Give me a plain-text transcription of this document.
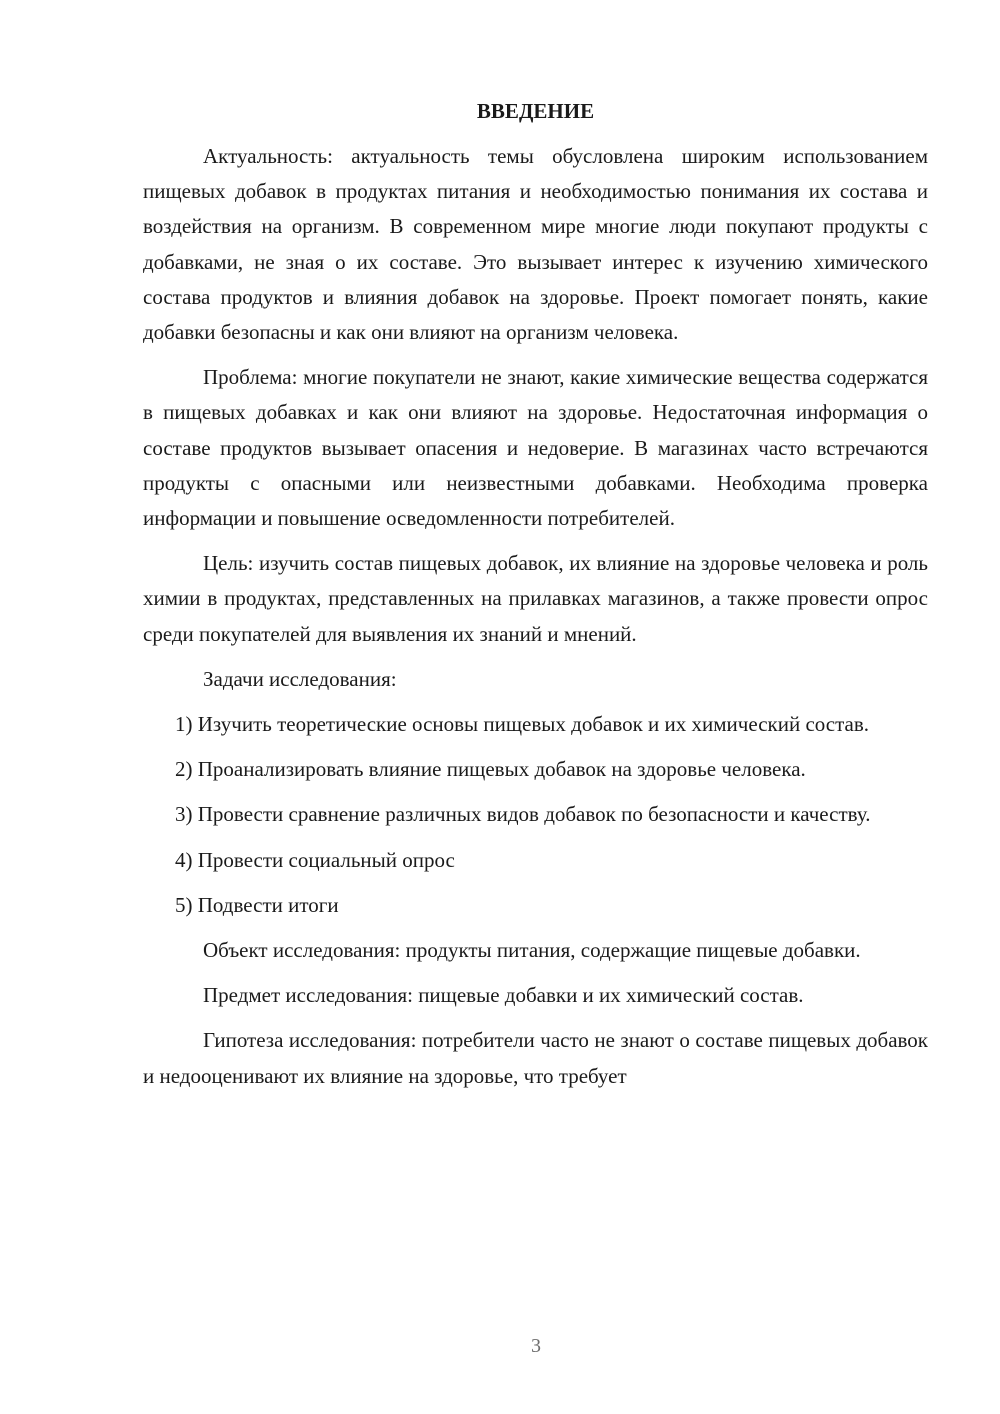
ВВЕДЕНИЕ

Актуальность: актуальность темы обусловлена широким использованием пищевых добавок в продуктах питания и необходимостью понимания их состава и воздействия на организм. В современном мире многие люди покупают продукты с добавками, не зная о их составе. Это вызывает интерес к изучению химического состава продуктов и влияния добавок на здоровье. Проект помогает понять, какие добавки безопасны и как они влияют на организм человека.

Проблема: многие покупатели не знают, какие химические вещества содержатся в пищевых добавках и как они влияют на здоровье. Недостаточная информация о составе продуктов вызывает опасения и недоверие. В магазинах часто встречаются продукты с опасными или неизвестными добавками. Необходима проверка информации и повышение осведомленности потребителей.

Цель: изучить состав пищевых добавок, их влияние на здоровье человека и роль химии в продуктах, представленных на прилавках магазинов, а также провести опрос среди покупателей для выявления их знаний и мнений.

Задачи исследования:

1) Изучить теоретические основы пищевых добавок и их химический состав.

2) Проанализировать влияние пищевых добавок на здоровье человека.

3) Провести сравнение различных видов добавок по безопасности и качеству.

4) Провести социальный опрос

5) Подвести итоги

Объект исследования: продукты питания, содержащие пищевые добавки.

Предмет исследования: пищевые добавки и их химический состав.

Гипотеза исследования: потребители часто не знают о составе пищевых добавок и недооценивают их влияние на здоровье, что требует

3
